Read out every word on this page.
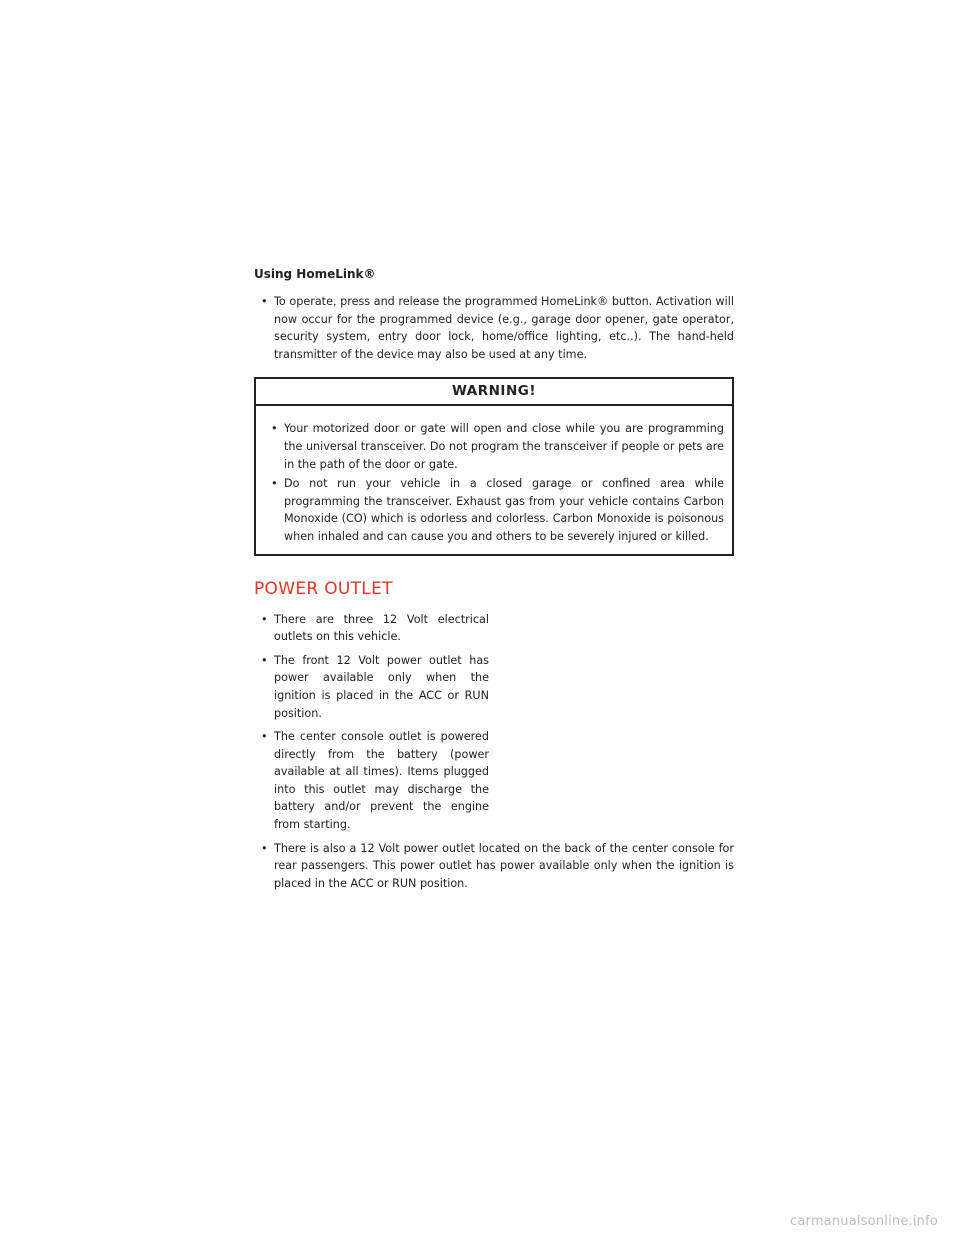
Using HomeLink®
• To operate, press and release the programmed HomeLink® button. Activation will now occur for the programmed device (e.g., garage door opener, gate operator, security system, entry door lock, home/office lighting, etc..). The hand-held transmitter of the device may also be used at any time.
WARNING!
• Your motorized door or gate will open and close while you are programming the universal transceiver. Do not program the transceiver if people or pets are in the path of the door or gate.
• Do not run your vehicle in a closed garage or confined area while programming the transceiver. Exhaust gas from your vehicle contains Carbon Monoxide (CO) which is odorless and colorless. Carbon Monoxide is poisonous when inhaled and can cause you and others to be severely injured or killed.
POWER OUTLET
• There are three 12 Volt electrical outlets on this vehicle.
• The front 12 Volt power outlet has power available only when the ignition is placed in the ACC or RUN position.
• The center console outlet is powered directly from the battery (power available at all times). Items plugged into this outlet may discharge the battery and/or prevent the engine from starting.
• There is also a 12 Volt power outlet located on the back of the center console for rear passengers. This power outlet has power available only when the ignition is placed in the ACC or RUN position.
carmanualsonline.info
